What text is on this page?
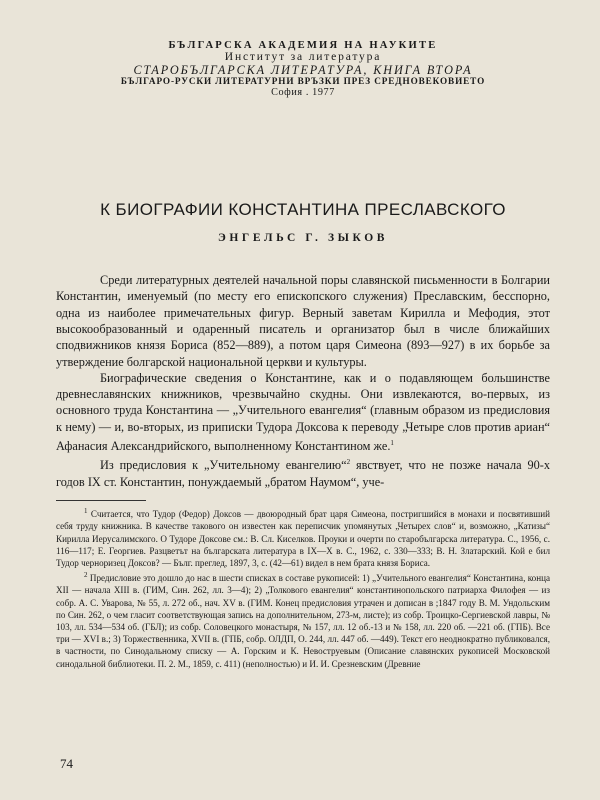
БЪЛГАРСКА АКАДЕМИЯ НА НАУКИТЕ
Институт за литература
СТАРОБЪЛГАРСКА ЛИТЕРАТУРА, КНИГА ВТОРА
БЪЛГАРО-РУСКИ ЛИТЕРАТУРНИ ВРЪЗКИ ПРЕЗ СРЕДНОВЕКОВИЕТО
София . 1977
К БИОГРАФИИ КОНСТАНТИНА ПРЕСЛАВСКОГО
ЭНГЕЛЬС Г. ЗЫКОВ

Среди литературных деятелей начальной поры славянской письменности в Болгарии Константин, именуемый (по месту его епископского служения) Преславским, бесспорно, одна из наиболее примечательных фигур. Верный заветам Кирилла и Мефодия, этот высокообразованный и одаренный писатель и организатор был в числе ближайших сподвижников князя Бориса (852—889), а потом царя Симеона (893—927) в их борьбе за утверждение болгарской национальной церкви и культуры.

Биографические сведения о Константине, как и о подавляющем большинстве древнеславянских книжников, чрезвычайно скудны. Они извлекаются, во-первых, из основного труда Константина — „Учительного евангелия“ (главным образом из предисловия к нему) — и, во-вторых, из приписки Тудора Доксова к переводу „Четыре слов против ариан“ Афанасия Александрийского, выполненному Константином же.$^1$

Из предисловия к „Учительному евангелию“$^2$ явствует, что не позже начала 90-х годов IX ст. Константин, понуждаемый „братом Наумом“, уче-

$^1$ Считается, что Тудор (Федор) Доксов — двоюродный брат царя Симеона, постригшийся в монахи и посвятивший себя труду книжника. В качестве такового он известен как переписчик упомянутых „Четырех слов“ и, возможно, „Катизы“ Кирилла Иерусалимского. О Тудоре Доксове см.: В. Сл. Киселков. Проуки и очерти по старобългарска литература. С., 1956, с. 116—117; Е. Георгиев. Разцветът на българската литература в IX—X в. С., 1962, с. 330—333; В. Н. Златарский. Кой е бил Тудор черноризец Доксов? — Бълг. преглед, 1897, 3, с. (42—61) видел в нем брата князя Бориса.

$^2$ Предисловие это дошло до нас в шести списках в составе рукописей: 1) „Учительного евангелия“ Константина, конца XII — начала XIII в. (ГИМ, Син. 262, лл. 3—4); 2) „Толкового евангелия“ константинопольского патриарха Филофея — из собр. А. С. Уварова, № 55, л. 272 об., нач. XV в. (ГИМ. Конец предисловия утрачен и дописан в ;1847 году В. М. Ундольским по Син. 262, о чем гласит соответствующая запись на дополнительном, 273-м, листе); из собр. Троицко-Сергиевской лавры, № 103, лл. 534—534 об. (ГБЛ); из собр. Соловецкого монастыря, № 157, лл. 12 об.-13 и № 158, лл. 220 об. —221 об. (ГПБ). Все три — XVI в.; 3) Торжественника, XVII в. (ГПБ, собр. ОЛДП, О. 244, лл. 447 об. —449). Текст его неоднократно публиковался, в частности, по Синодальному списку — А. Горским и К. Невоструевым (Описание славянских рукописей Московской синодальной библиотеки. П. 2. М., 1859, с. 411) (неполностью) и И. И. Срезневским (Древние

74
